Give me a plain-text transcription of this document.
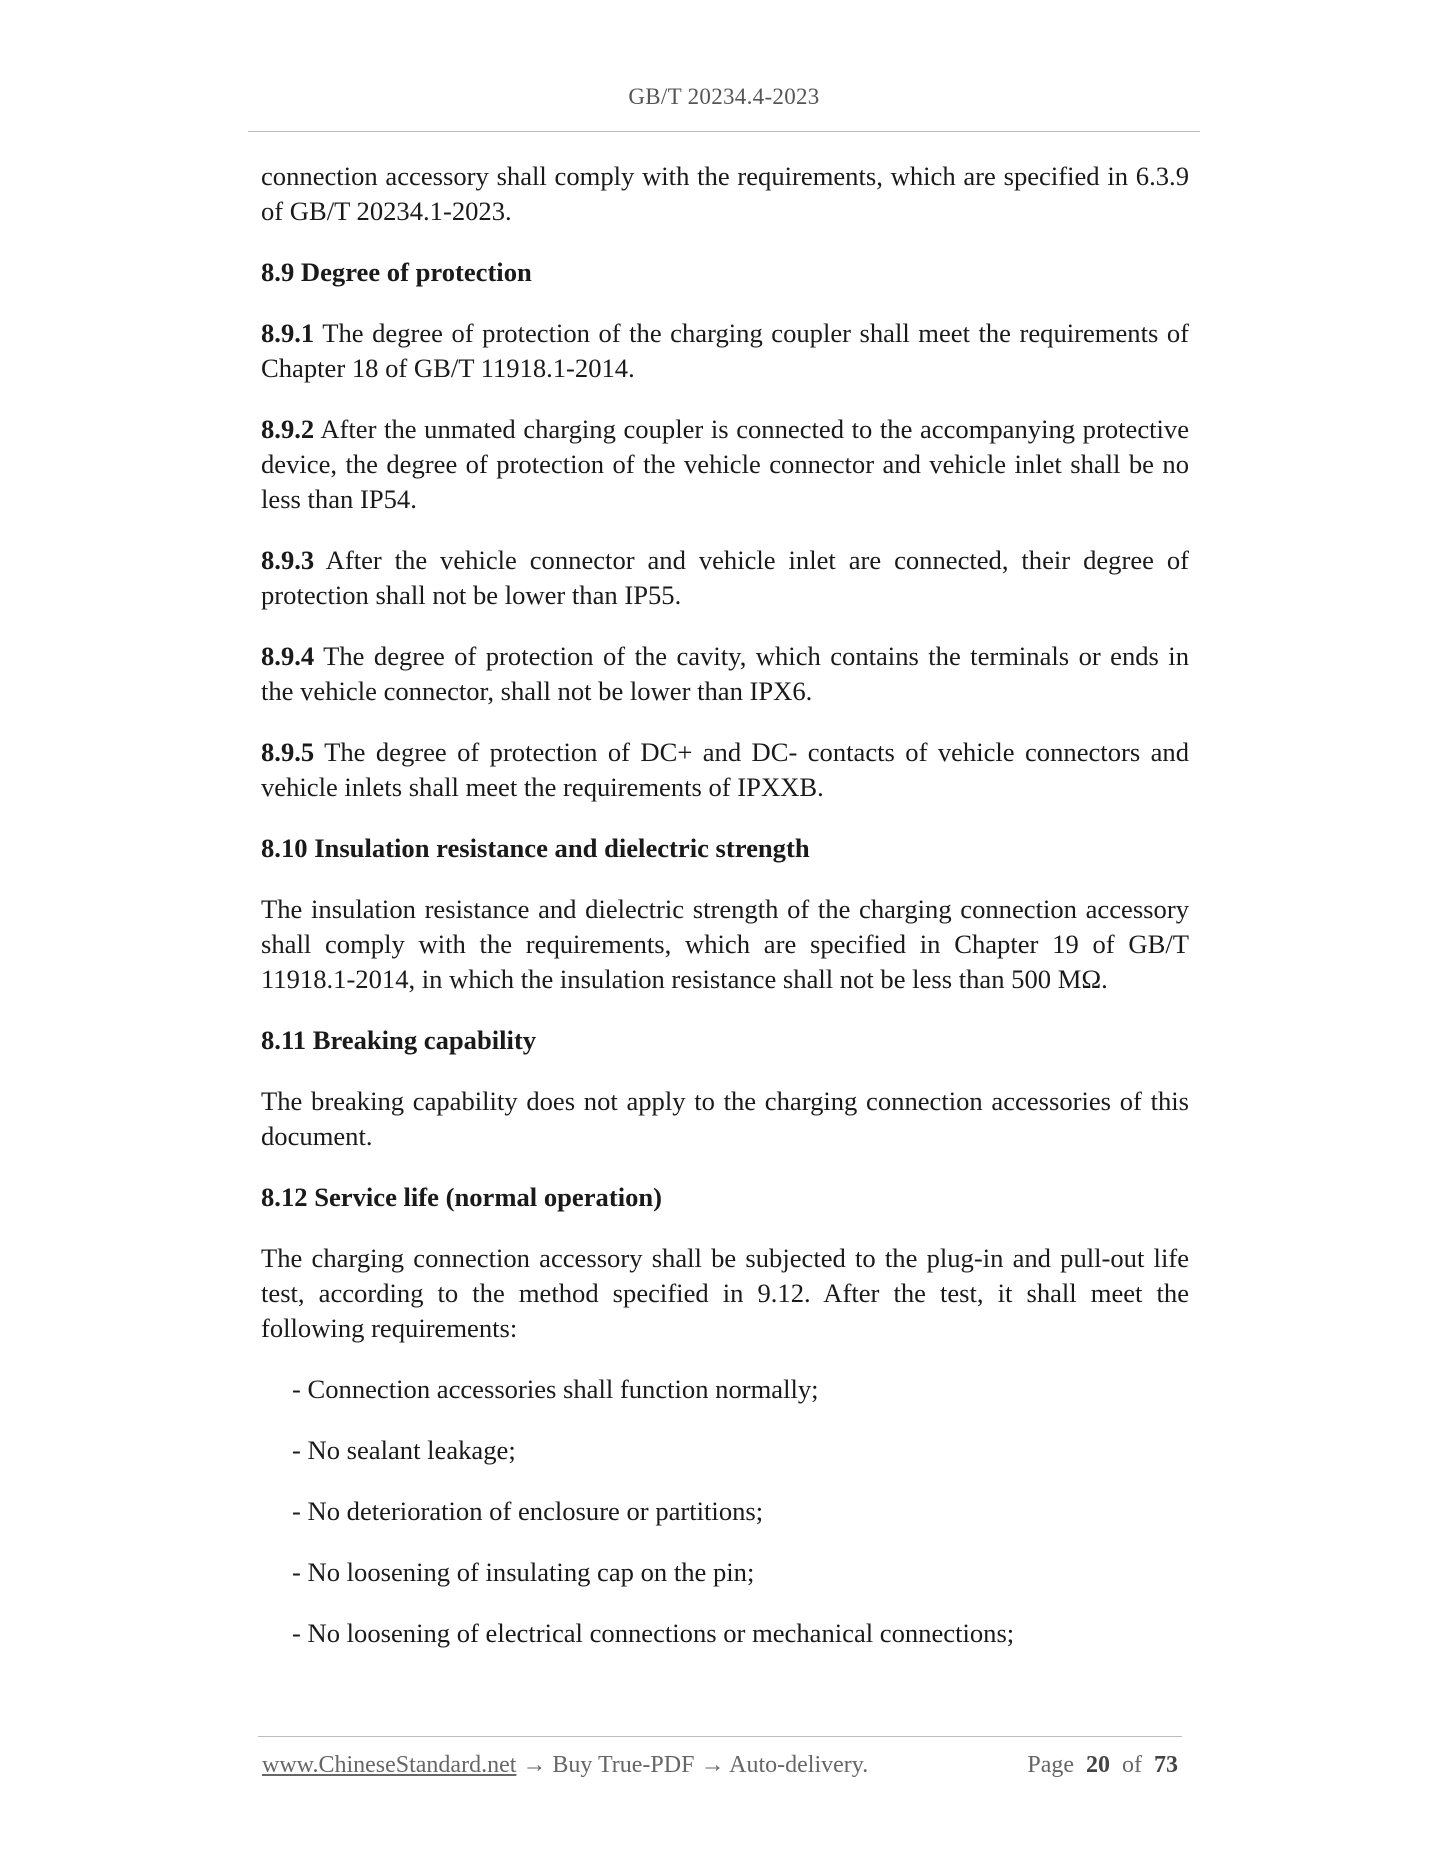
GB/T 20234.4-2023

connection accessory shall comply with the requirements, which are specified in 6.3.9 of GB/T 20234.1-2023.

8.9 Degree of protection

8.9.1 The degree of protection of the charging coupler shall meet the requirements of Chapter 18 of GB/T 11918.1-2014.

8.9.2 After the unmated charging coupler is connected to the accompanying protective device, the degree of protection of the vehicle connector and vehicle inlet shall be no less than IP54.

8.9.3 After the vehicle connector and vehicle inlet are connected, their degree of protection shall not be lower than IP55.

8.9.4 The degree of protection of the cavity, which contains the terminals or ends in the vehicle connector, shall not be lower than IPX6.

8.9.5 The degree of protection of DC+ and DC- contacts of vehicle connectors and vehicle inlets shall meet the requirements of IPXXB.

8.10 Insulation resistance and dielectric strength

The insulation resistance and dielectric strength of the charging connection accessory shall comply with the requirements, which are specified in Chapter 19 of GB/T 11918.1-2014, in which the insulation resistance shall not be less than 500 MΩ.

8.11 Breaking capability

The breaking capability does not apply to the charging connection accessories of this document.

8.12 Service life (normal operation)

The charging connection accessory shall be subjected to the plug-in and pull-out life test, according to the method specified in 9.12. After the test, it shall meet the following requirements:

- Connection accessories shall function normally;

- No sealant leakage;

- No deterioration of enclosure or partitions;

- No loosening of insulating cap on the pin;

- No loosening of electrical connections or mechanical connections;

www.ChineseStandard.net → Buy True-PDF → Auto-delivery.	Page 20 of 73
